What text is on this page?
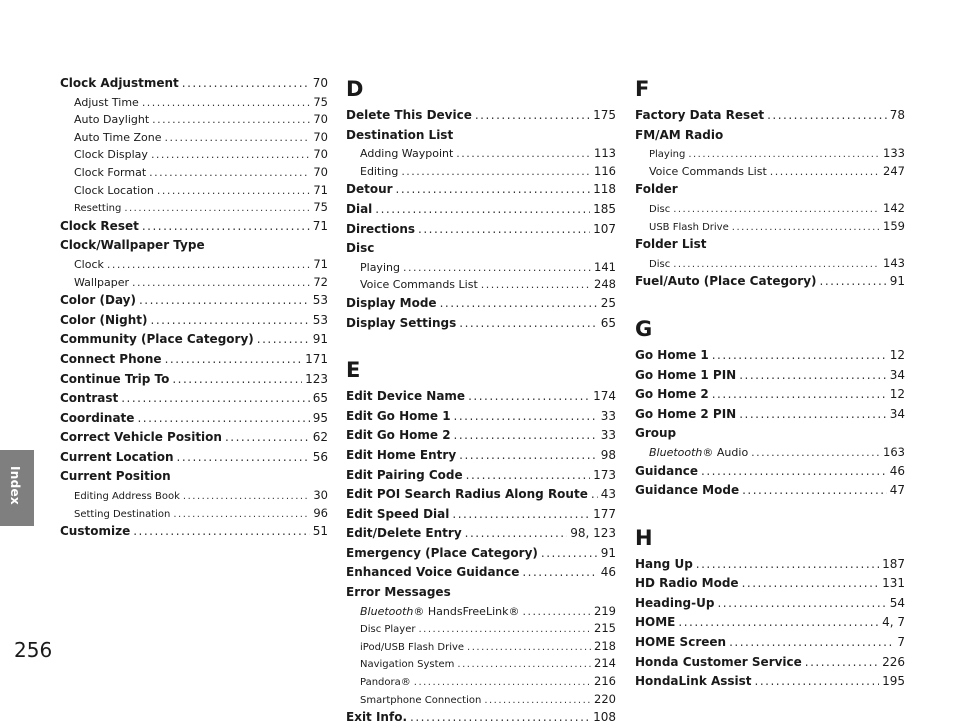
Index
Clock Adjustment .....	70
Adjust Time .....	75
Auto Daylight .....	70
Auto Time Zone .....	70
Clock Display .....	70
Clock Format .....	70
Clock Location .....	71
Resetting .....	75
Clock Reset .....	71
Clock/Wallpaper Type
Clock .....	71
Wallpaper .....	72
Color (Day) .....	53
Color (Night) .....	53
Community (Place Category) .....	91
Connect Phone .....	171
Continue Trip To .....	123
Contrast .....	65
Coordinate .....	95
Correct Vehicle Position .....	62
Current Location .....	56
Current Position
Editing Address Book .....	30
Setting Destination .....	96
Customize .....	51
D
Delete This Device .....	175
Destination List
Adding Waypoint .....	113
Editing .....	116
Detour .....	118
Dial .....	185
Directions .....	107
Disc
Playing .....	141
Voice Commands List .....	248
Display Mode .....	25
Display Settings .....	65
E
Edit Device Name .....	174
Edit Go Home 1 .....	33
Edit Go Home 2 .....	33
Edit Home Entry .....	98
Edit Pairing Code .....	173
Edit POI Search Radius Along Route ..... 43
Edit Speed Dial .....	177
Edit/Delete Entry .....	98, 123
Emergency (Place Category) .....	91
Enhanced Voice Guidance .....	46
Error Messages
Bluetooth® HandsFreeLink® .....	219
Disc Player .....	215
iPod/USB Flash Drive .....	218
Navigation System .....	214
Pandora® .....	216
Smartphone Connection .....	220
Exit Info. .....	108
F
Factory Data Reset .....	78
FM/AM Radio
Playing .....	133
Voice Commands List .....	247
Folder
Disc .....	142
USB Flash Drive .....	159
Folder List
Disc .....	143
Fuel/Auto (Place Category) .....	91
G
Go Home 1 .....	12
Go Home 1 PIN .....	34
Go Home 2 .....	12
Go Home 2 PIN .....	34
Group
Bluetooth® Audio .....	163
Guidance .....	46
Guidance Mode .....	47
H
Hang Up .....	187
HD Radio Mode .....	131
Heading-Up .....	54
HOME .....	4, 7
HOME Screen .....	7
Honda Customer Service .....	226
HondaLink Assist .....	195
256
